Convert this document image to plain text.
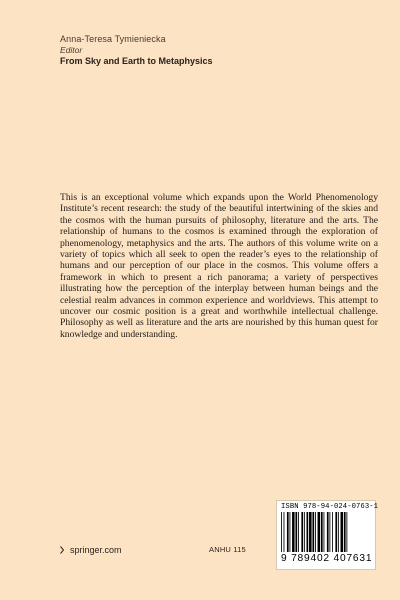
Anna-Teresa Tymieniecka
Editor
From Sky and Earth to Metaphysics

This is an exceptional volume which expands upon the World Phenomenology Institute’s recent research: the study of the beautiful intertwining of the skies and the cosmos with the human pursuits of philosophy, literature and the arts. The relationship of humans to the cosmos is examined through the exploration of phenomenology, metaphysics and the arts. The authors of this volume write on a variety of topics which all seek to open the reader’s eyes to the relationship of humans and our perception of our place in the cosmos. This volume offers a framework in which to present a rich panorama; a variety of perspectives illustrating how the perception of the interplay between human beings and the celestial realm advances in common experience and worldviews. This attempt to uncover our cosmic position is a great and worthwhile intellectual challenge. Philosophy as well as literature and the arts are nourished by this human quest for knowledge and understanding.

ISBN 978-94-024-0763-1
9 789402 407631
springer.com	ANHU 115
